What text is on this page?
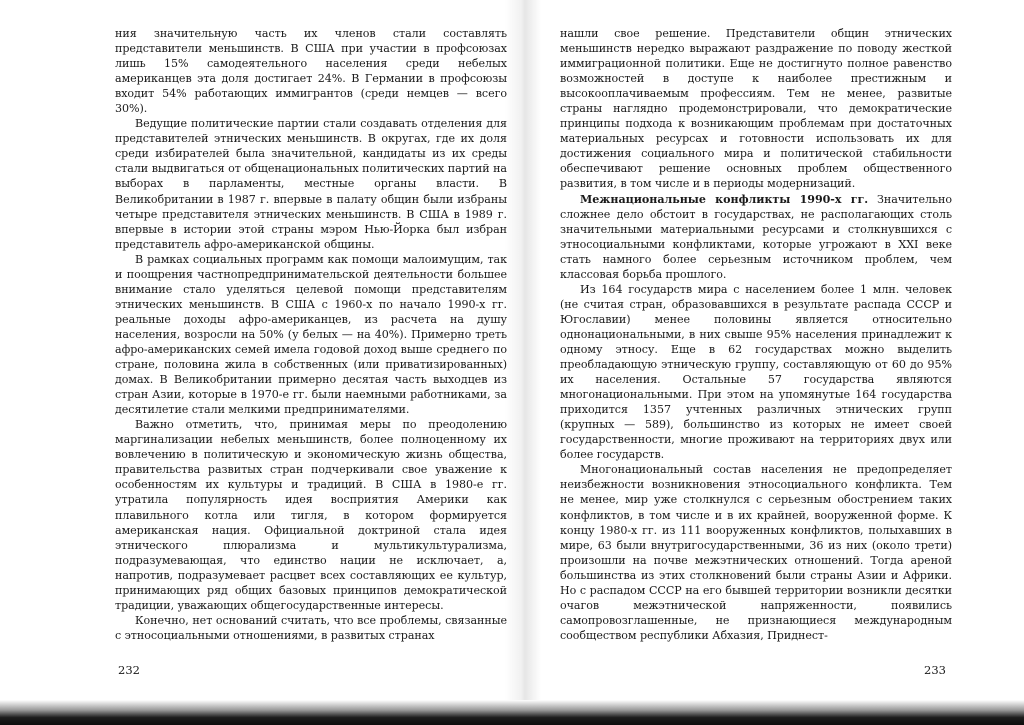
ния значительную часть их членов стали составлять представители меньшинств. В США при участии в профсоюзах лишь 15% самодеятельного населения среди небелых американцев эта доля достигает 24%. В Германии в профсоюзы входит 54% работающих иммигрантов (среди немцев — всего 30%).

Ведущие политические партии стали создавать отделения для представителей этнических меньшинств. В округах, где их доля среди избирателей была значительной, кандидаты из их среды стали выдвигаться от общенациональных политических партий на выборах в парламенты, местные органы власти. В Великобритании в 1987 г. впервые в палату общин были избраны четыре представителя этнических меньшинств. В США в 1989 г. впервые в истории этой страны мэром Нью-Йорка был избран представитель афро-американской общины.

В рамках социальных программ как помощи малоимущим, так и поощрения частнопредпринимательской деятельности большее внимание стало уделяться целевой помощи представителям этнических меньшинств. В США с 1960-х по начало 1990-х гг. реальные доходы афро-американцев, из расчета на душу населения, возросли на 50% (у белых — на 40%). Примерно треть афро-американских семей имела годовой доход выше среднего по стране, половина жила в собственных (или приватизированных) домах. В Великобритании примерно десятая часть выходцев из стран Азии, которые в 1970-е гг. были наемными работниками, за десятилетие стали мелкими предпринимателями.

Важно отметить, что, принимая меры по преодолению маргинализации небелых меньшинств, более полноценному их вовлечению в политическую и экономическую жизнь общества, правительства развитых стран подчеркивали свое уважение к особенностям их культуры и традиций. В США в 1980-е гг. утратила популярность идея восприятия Америки как плавильного котла или тигля, в котором формируется американская нация. Официальной доктриной стала идея этнического плюрализма и мультикультурализма, подразумевающая, что единство нации не исключает, а, напротив, подразумевает расцвет всех составляющих ее культур, принимающих ряд общих базовых принципов демократической традиции, уважающих общегосударственные интересы.

Конечно, нет оснований считать, что все проблемы, связанные с этносоциальными отношениями, в развитых странах

232

нашли свое решение. Представители общин этнических меньшинств нередко выражают раздражение по поводу жесткой иммиграционной политики. Еще не достигнуто полное равенство возможностей в доступе к наиболее престижным и высокооплачиваемым профессиям. Тем не менее, развитые страны наглядно продемонстрировали, что демократические принципы подхода к возникающим проблемам при достаточных материальных ресурсах и готовности использовать их для достижения социального мира и политической стабильности обеспечивают решение основных проблем общественного развития, в том числе и в периоды модернизаций.

Межнациональные конфликты 1990-х гг. Значительно сложнее дело обстоит в государствах, не располагающих столь значительными материальными ресурсами и столкнувшихся с этносоциальными конфликтами, которые угрожают в XXI веке стать намного более серьезным источником проблем, чем классовая борьба прошлого.

Из 164 государств мира с населением более 1 млн. человек (не считая стран, образовавшихся в результате распада СССР и Югославии) менее половины является относительно однонациональными, в них свыше 95% населения принадлежит к одному этносу. Еще в 62 государствах можно выделить преобладающую этническую группу, составляющую от 60 до 95% их населения. Остальные 57 государства являются многонациональными. При этом на упомянутые 164 государства приходится 1357 учтенных различных этнических групп (крупных — 589), большинство из которых не имеет своей государственности, многие проживают на территориях двух или более государств.

Многонациональный состав населения не предопределяет неизбежности возникновения этносоциального конфликта. Тем не менее, мир уже столкнулся с серьезным обострением таких конфликтов, в том числе и в их крайней, вооруженной форме. К концу 1980-х гг. из 111 вооруженных конфликтов, полыхавших в мире, 63 были внутригосударственными, 36 из них (около трети) произошли на почве межэтнических отношений. Тогда ареной большинства из этих столкновений были страны Азии и Африки. Но с распадом СССР на его бывшей территории возникли десятки очагов межэтнической напряженности, появились самопровозглашенные, не признающиеся международным сообществом республики Абхазия, Приднест-

233
